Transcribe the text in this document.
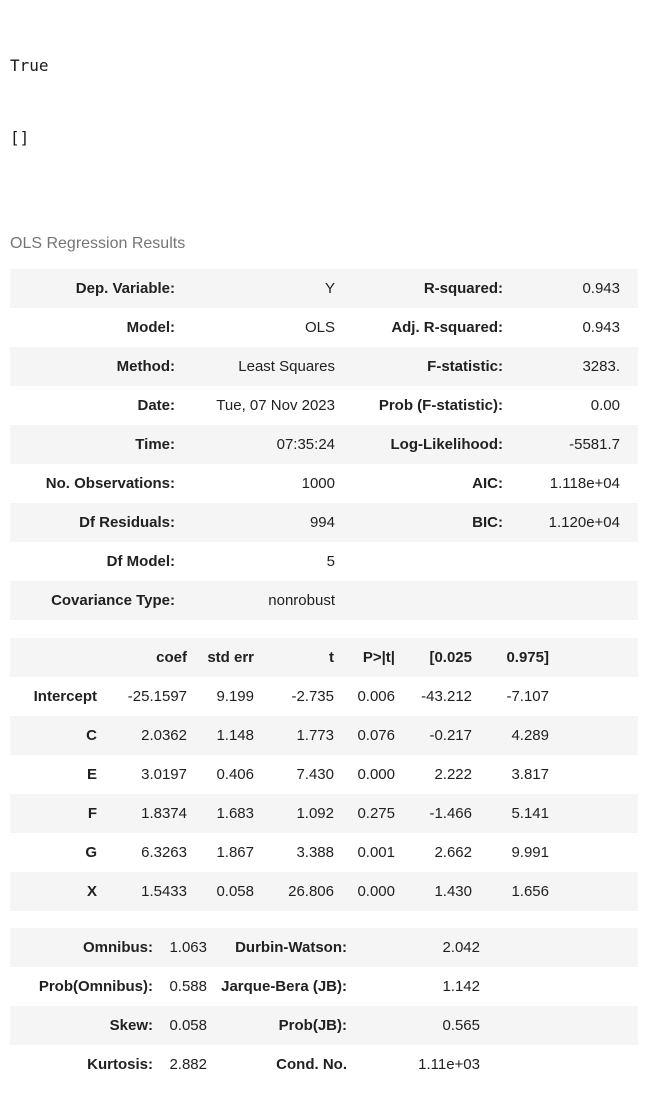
True

[]

OLS Regression Results
Dep. Variable:	Y	R-squared:	0.943
Model:	OLS	Adj. R-squared:	0.943
Method:	Least Squares	F-statistic:	3283.
Date:	Tue, 07 Nov 2023	Prob (F-statistic):	0.00
Time:	07:35:24	Log-Likelihood:	-5581.7
No. Observations:	1000	AIC:	1.118e+04
Df Residuals:	994	BIC:	1.120e+04
Df Model:	5
Covariance Type:	nonrobust
coef	std err	t	P>|t|	[0.025	0.975]
Intercept	-25.1597	9.199	-2.735	0.006	-43.212	-7.107
C	2.0362	1.148	1.773	0.076	-0.217	4.289
E	3.0197	0.406	7.430	0.000	2.222	3.817
F	1.8374	1.683	1.092	0.275	-1.466	5.141
G	6.3263	1.867	3.388	0.001	2.662	9.991
X	1.5433	0.058	26.806	0.000	1.430	1.656
Omnibus:	1.063	Durbin-Watson:	2.042
Prob(Omnibus):	0.588 Jarque-Bera (JB):	1.142
Skew:	0.058	Prob(JB):	0.565
Kurtosis:	2.882	Cond. No.	1.11e+03
